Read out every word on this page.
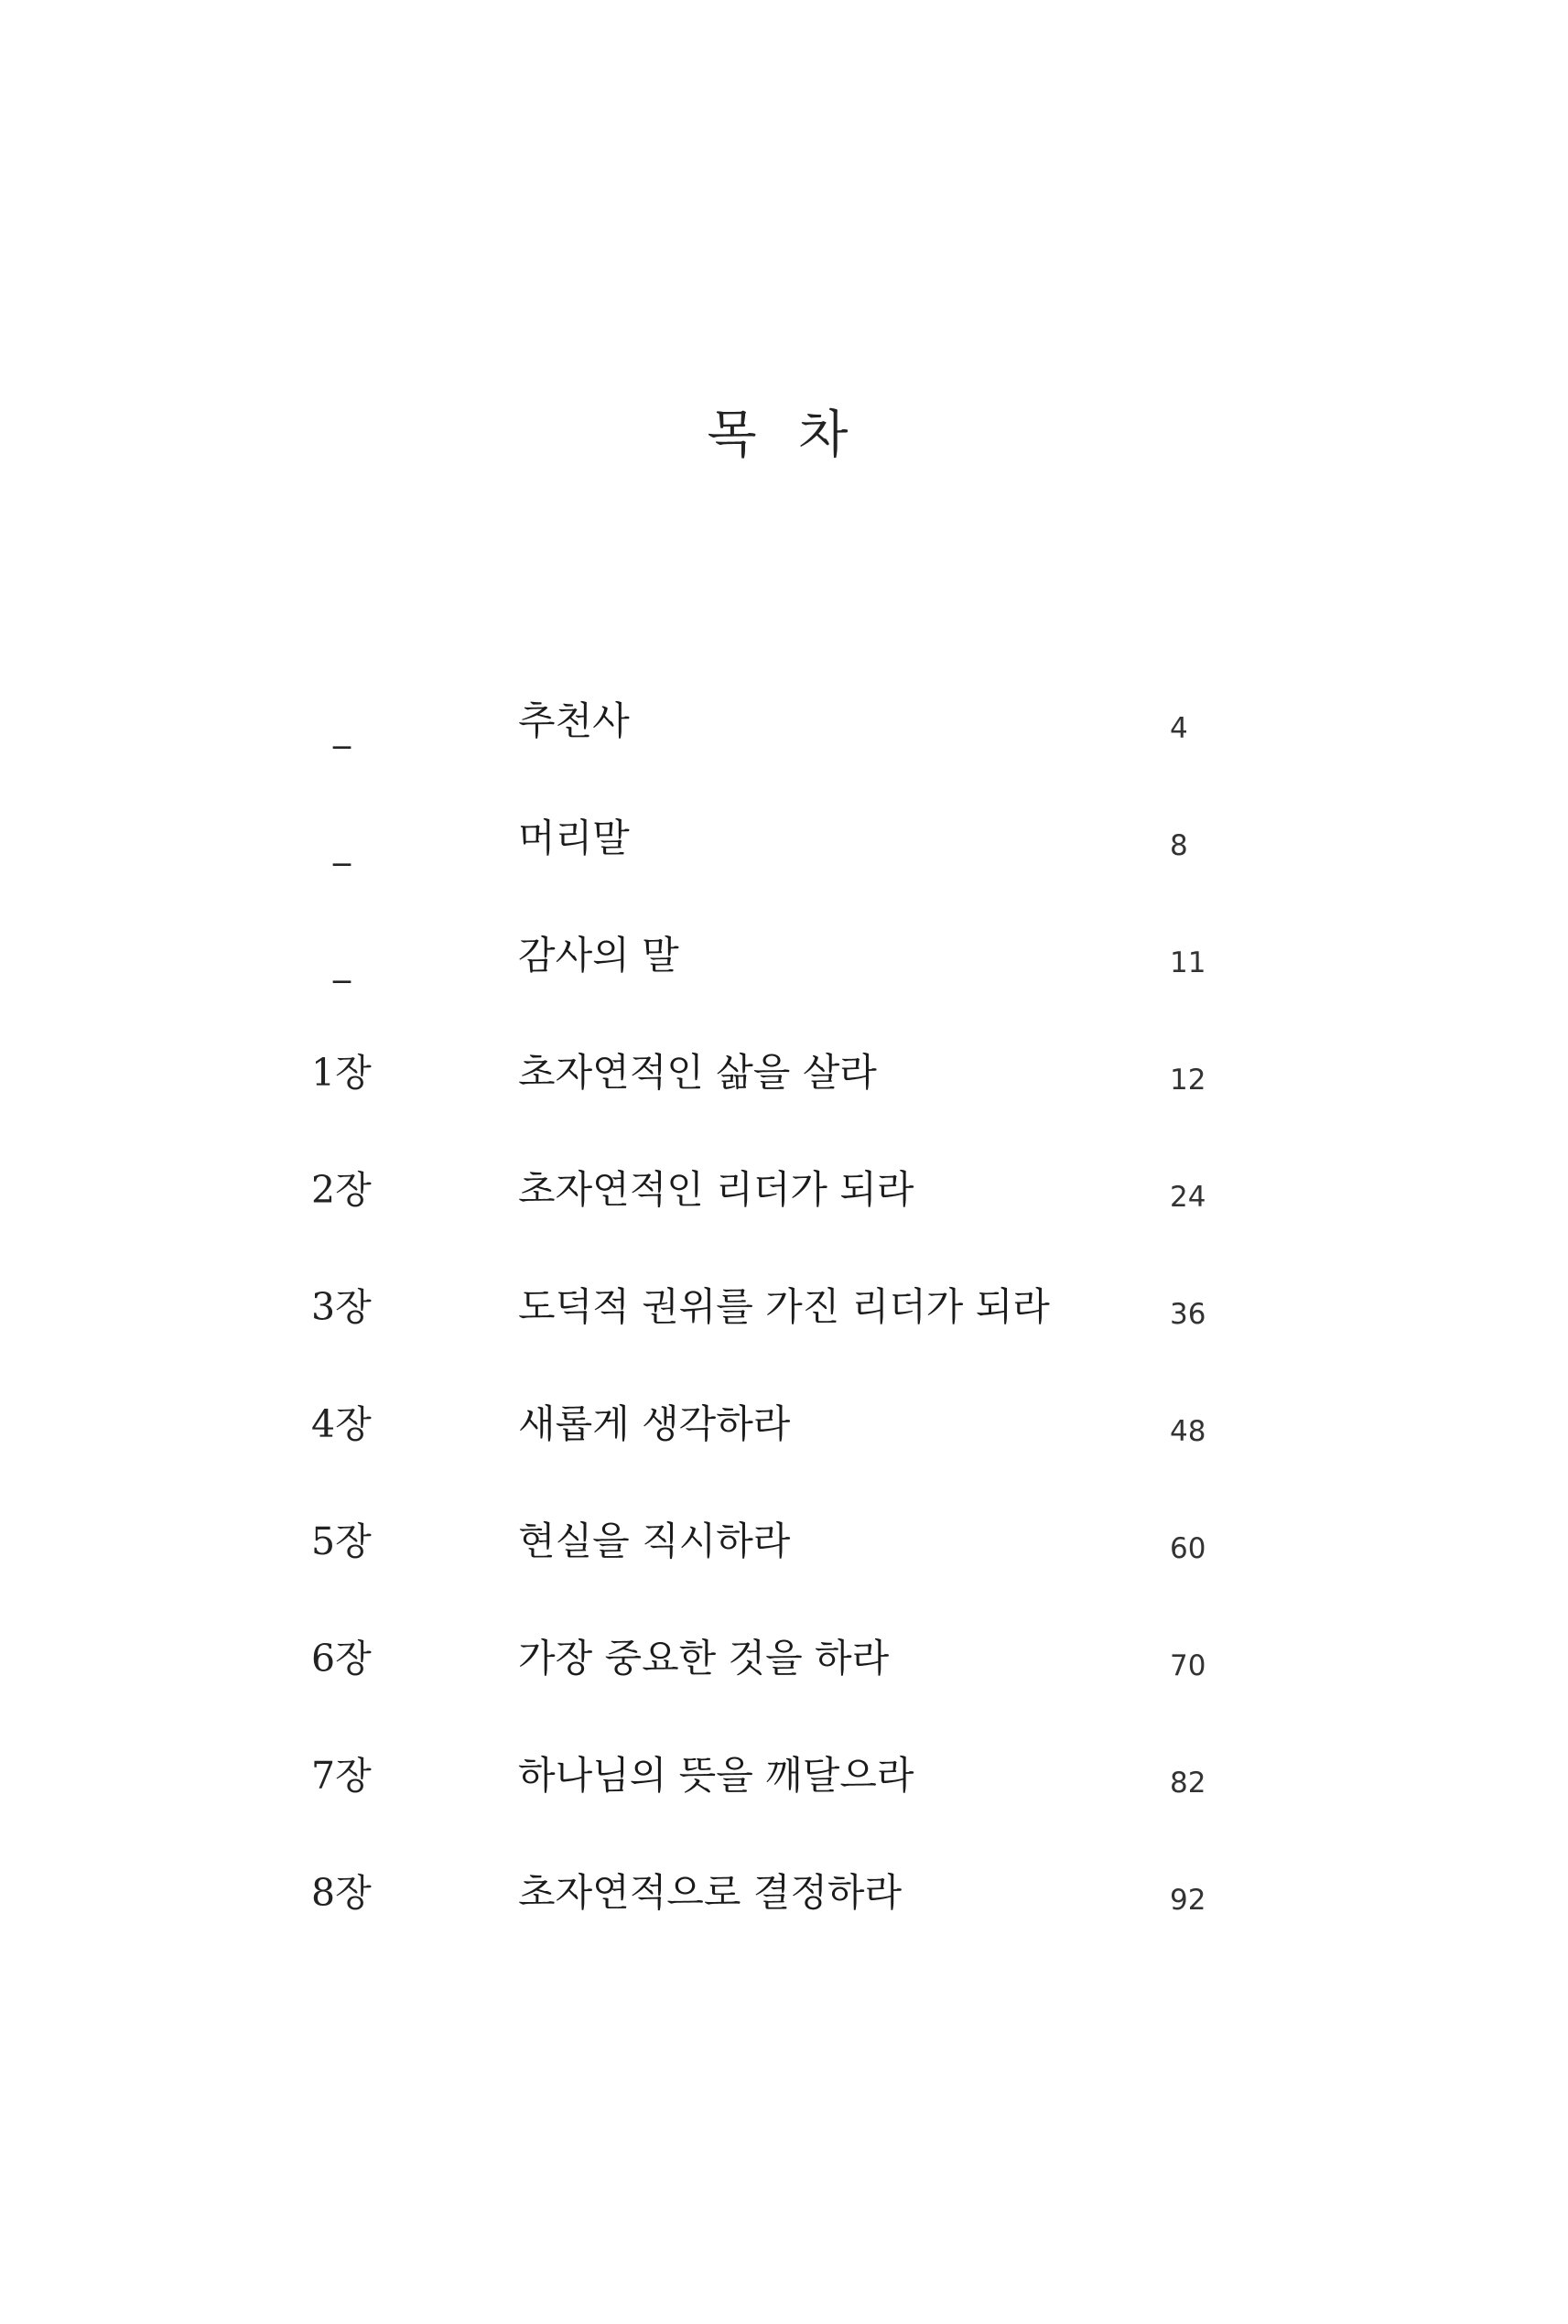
목 차
_	추천사	4
_	머리말	8
_	감사의 말	11
1장	초자연적인 삶을 살라	12
2장	초자연적인 리더가 되라	24
3장	도덕적 권위를 가진 리더가 되라	36
4장	새롭게 생각하라	48
5장	현실을 직시하라	60
6장	가장 중요한 것을 하라	70
7장	하나님의 뜻을 깨달으라	82
8장	초자연적으로 결정하라	92
